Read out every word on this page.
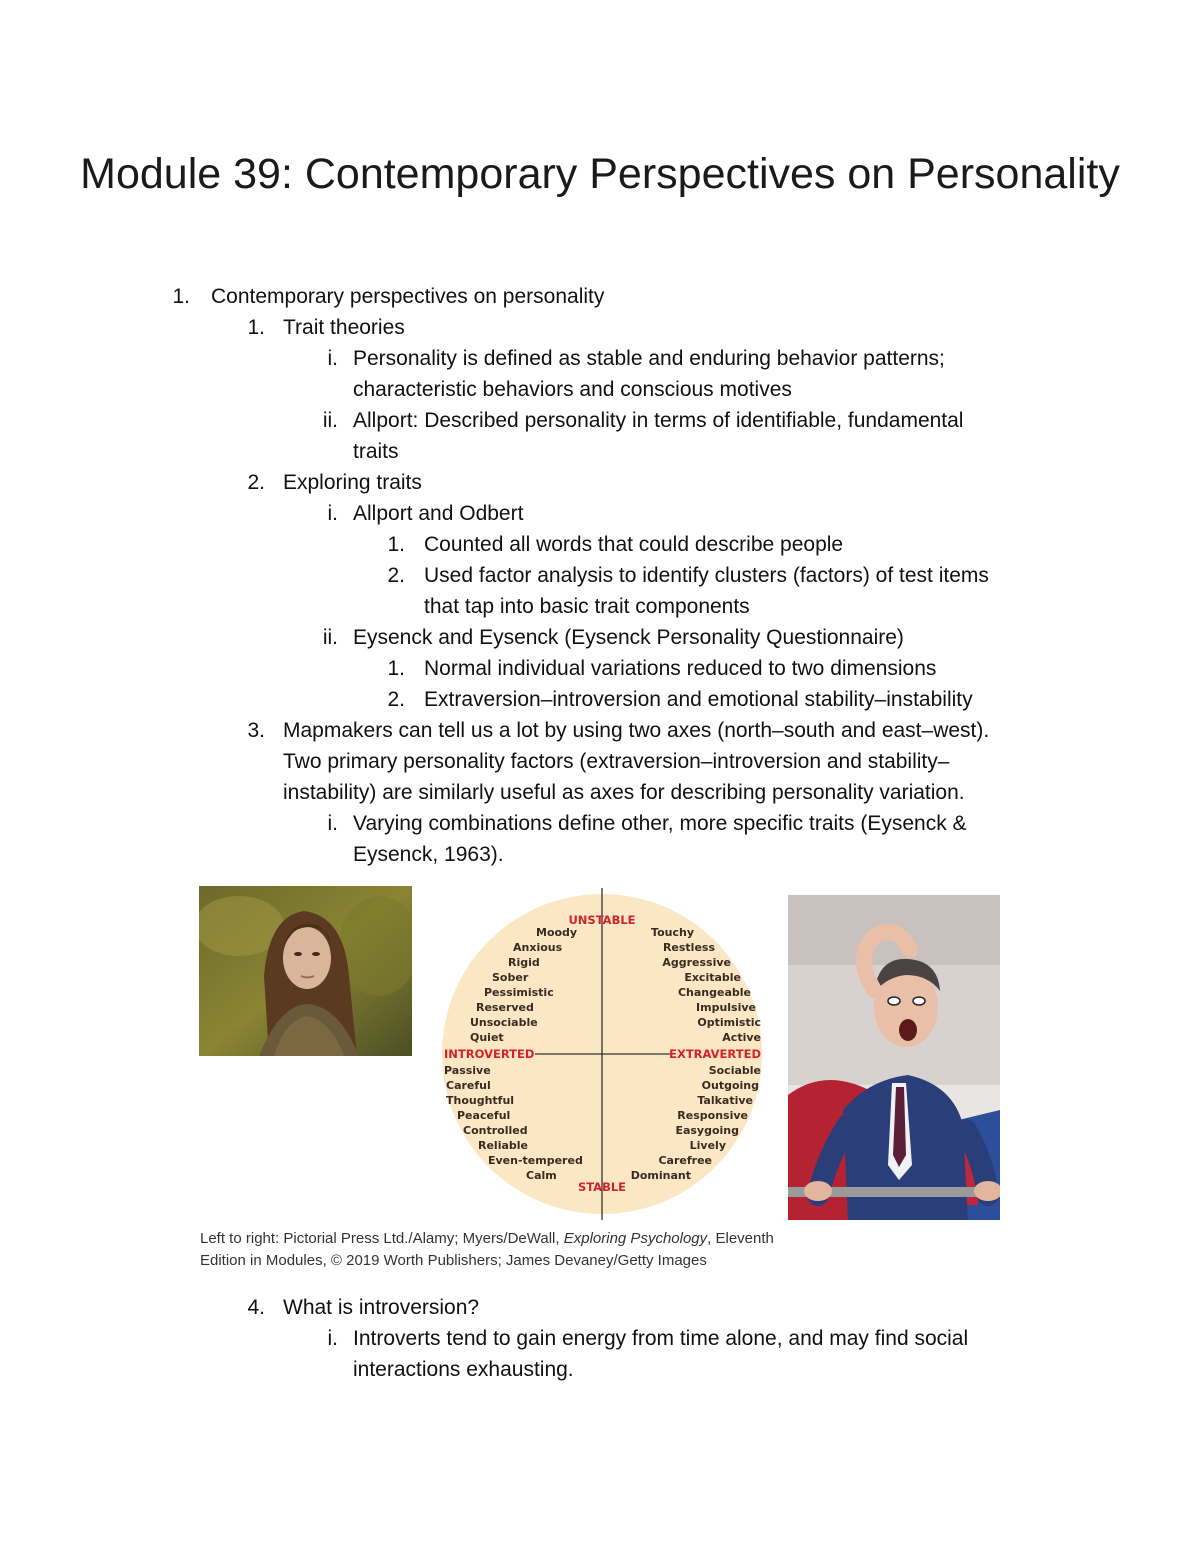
Module 39: Contemporary Perspectives on Personality
1. Contemporary perspectives on personality
1. Trait theories
i. Personality is defined as stable and enduring behavior patterns;
characteristic behaviors and conscious motives
ii. Allport: Described personality in terms of identifiable, fundamental
traits
2. Exploring traits
i. Allport and Odbert
1. Counted all words that could describe people
2. Used factor analysis to identify clusters (factors) of test items
that tap into basic trait components
ii. Eysenck and Eysenck (Eysenck Personality Questionnaire)
1. Normal individual variations reduced to two dimensions
2. Extraversion–introversion and emotional stability–instability
3. Mapmakers can tell us a lot by using two axes (north–south and east–west).
Two primary personality factors (extraversion–introversion and stability–
instability) are similarly useful as axes for describing personality variation.
i. Varying combinations define other, more specific traits (Eysenck &
Eysenck, 1963).
UNSTABLE
STABLE
INTROVERTED	EXTRAVERTED
Moody
Anxious
Rigid
Sober
Pessimistic
Reserved
Unsociable
Quiet
Touchy
Restless
Aggressive
Excitable
Changeable
Impulsive
Optimistic
Active
Passive
Careful
Thoughtful
Peaceful
Controlled
Reliable
Even-tempered
Calm
Sociable
Outgoing
Talkative
Responsive
Easygoing
Lively
Carefree
Dominant
Left to right: Pictorial Press Ltd./Alamy; Myers/DeWall, Exploring Psychology, Eleventh
Edition in Modules, © 2019 Worth Publishers; James Devaney/Getty Images
4. What is introversion?
i. Introverts tend to gain energy from time alone, and may find social
interactions exhausting.
